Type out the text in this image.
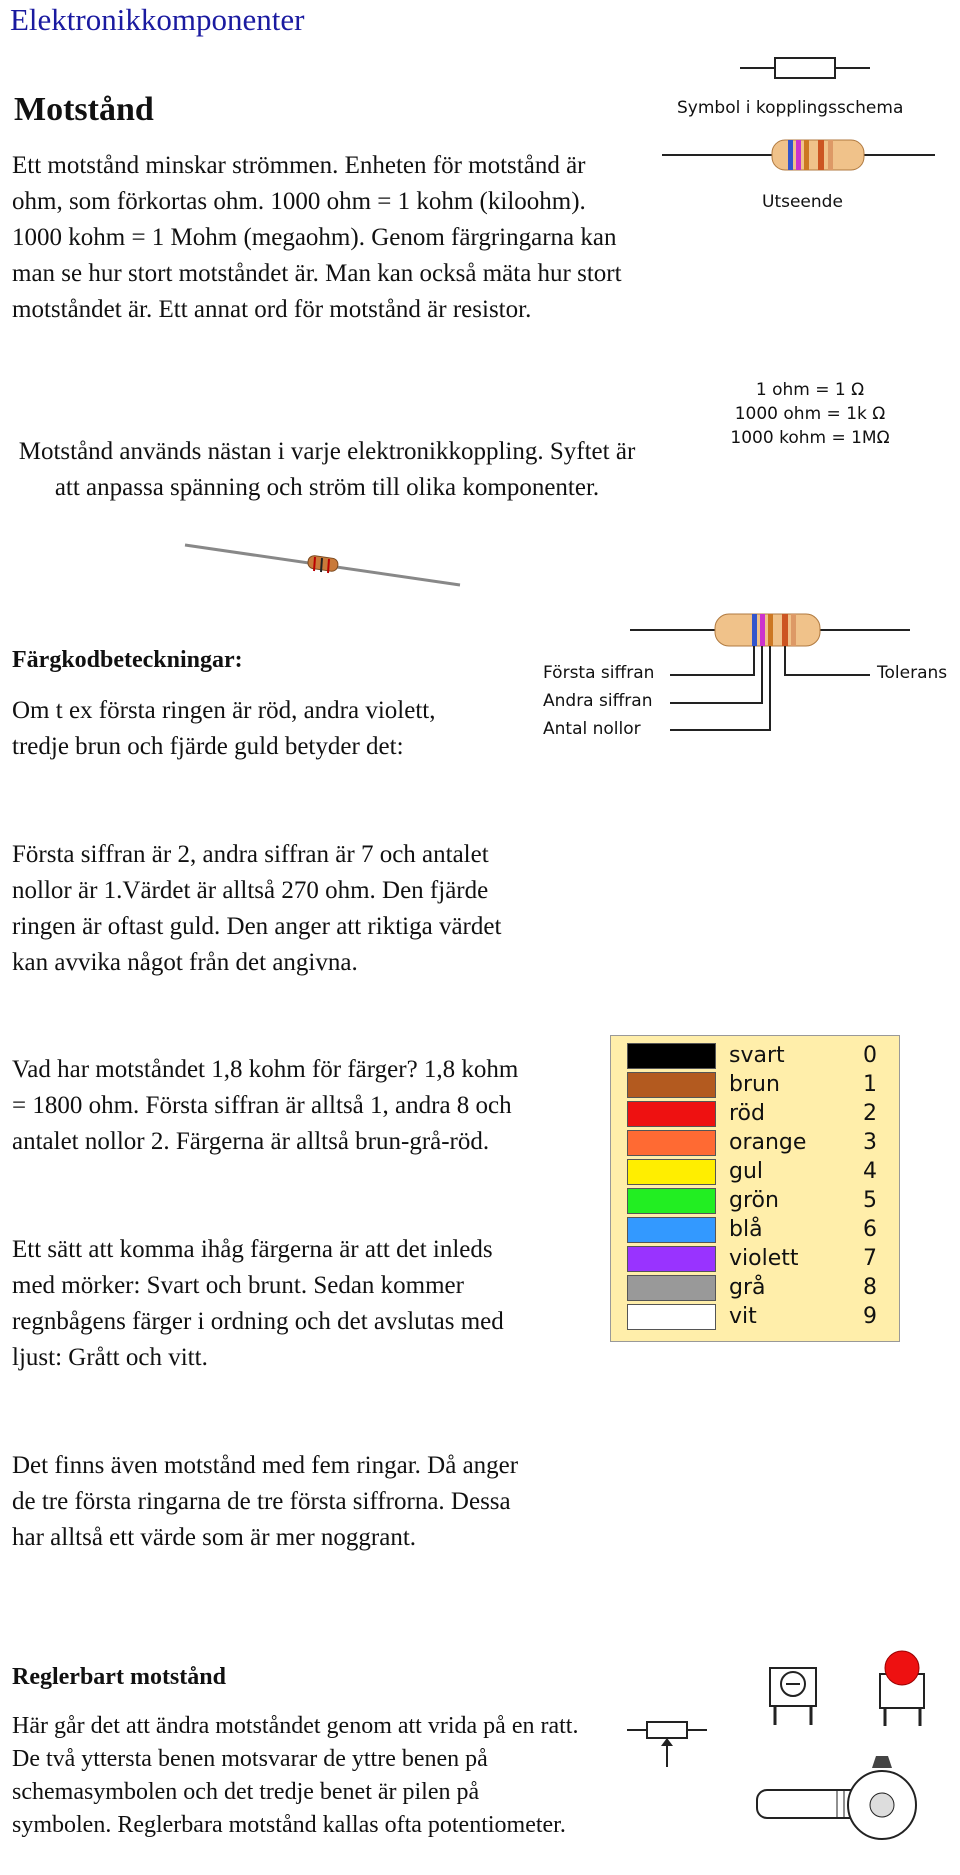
Elektronikkomponenter
Motstånd
Ett motstånd minskar strömmen. Enheten för motstånd är ohm, som förkortas ohm. 1000 ohm = 1 kohm (kiloohm). 1000 kohm = 1 Mohm (megaohm). Genom färgringarna kan man se hur stort motståndet är. Man kan också mäta hur stort motståndet är. Ett annat ord för motstånd är resistor.
Motstånd används nästan i varje elektronikkoppling. Syftet är att anpassa spänning och ström till olika komponenter.
Symbol i kopplingsschema
Utseende
1 ohm = 1 Ω
1000 ohm = 1k Ω
1000 kohm = 1MΩ
Färgkodbeteckningar:
Om t ex första ringen är röd, andra violett, tredje brun och fjärde guld betyder det:
Första siffran
Andra siffran
Antal nollor
Tolerans
Första siffran är 2, andra siffran är 7 och antalet nollor är 1.Värdet är alltså 270 ohm. Den fjärde ringen är oftast guld. Den anger att riktiga värdet kan avvika något från det angivna.
Vad har motståndet 1,8 kohm för färger? 1,8 kohm = 1800 ohm. Första siffran är alltså 1, andra 8 och antalet nollor 2. Färgerna är alltså brun-grå-röd.
Ett sätt att komma ihåg färgerna är att det inleds med mörker: Svart och brunt. Sedan kommer regnbågens färger i ordning och det avslutas med ljust: Grått och vitt.
Det finns även motstånd med fem ringar. Då anger de tre första ringarna de tre första siffrorna. Dessa har alltså ett värde som är mer noggrant.
svart	0
brun	1
röd	2
orange	3
gul	4
grön	5
blå	6
violett	7
grå	8
vit	9
Reglerbart motstånd
Här går det att ändra motståndet genom att vrida på en ratt. De två yttersta benen motsvarar de yttre benen på schemasymbolen och det tredje benet är pilen på symbolen. Reglerbara motstånd kallas ofta potentiometer.
